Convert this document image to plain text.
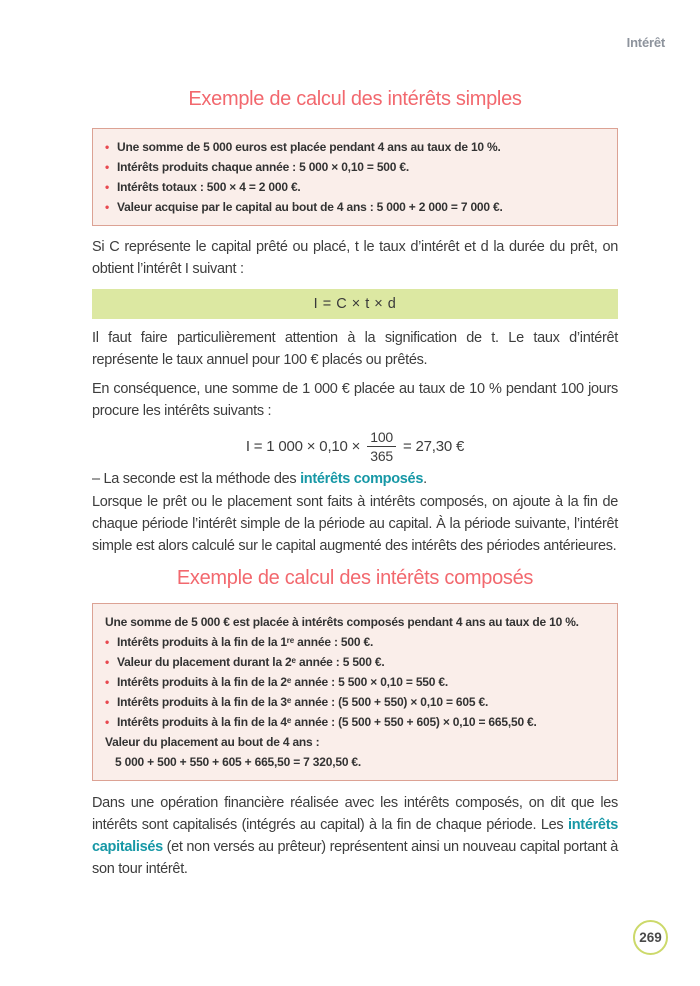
Intérêt
Exemple de calcul des intérêts simples
• Une somme de 5 000 euros est placée pendant 4 ans au taux de 10 %.
• Intérêts produits chaque année : 5 000 × 0,10 = 500 €.
• Intérêts totaux : 500 × 4 = 2 000 €.
• Valeur acquise par le capital au bout de 4 ans : 5 000 + 2 000 = 7 000 €.

Si C représente le capital prêté ou placé, t le taux d’intérêt et d la durée du prêt, on obtient l’intérêt I suivant :

I = C × t × d

Il faut faire particulièrement attention à la signification de t. Le taux d’intérêt représente le taux annuel pour 100 € placés ou prêtés.

En conséquence, une somme de 1 000 € placée au taux de 10 % pendant 100 jours procure les intérêts suivants :

I = 1 $000 \times 0,10 \times \frac{100}{365} = 27,30$ €

– La seconde est la méthode des intérêts composés.

Lorsque le prêt ou le placement sont faits à intérêts composés, on ajoute à la fin de chaque période l’intérêt simple de la période au capital. À la période suivante, l’intérêt simple est alors calculé sur le capital augmenté des intérêts des périodes antérieures.

Exemple de calcul des intérêts composés
Une somme de 5 000 € est placée à intérêts composés pendant 4 ans au taux de 10 %.
• Intérêts produits à la fin de la 1ʳᵉ année : 500 €.
• Valeur du placement durant la 2ᵉ année : 5 500 €.
• Intérêts produits à la fin de la 2ᵉ année : 5 500 × 0,10 = 550 €.
• Intérêts produits à la fin de la 3ᵉ année : (5 500 + 550) × 0,10 = 605 €.
• Intérêts produits à la fin de la 4ᵉ année : (5 500 + 550 + 605) × 0,10 = 665,50 €.
Valeur du placement au bout de 4 ans :
5 000 + 500 + 550 + 605 + 665,50 = 7 320,50 €.

Dans une opération financière réalisée avec les intérêts composés, on dit que les intérêts sont capitalisés (intégrés au capital) à la fin de chaque période. Les intérêts capitalisés (et non versés au prêteur) représentent ainsi un nouveau capital portant à son tour intérêt.

269
